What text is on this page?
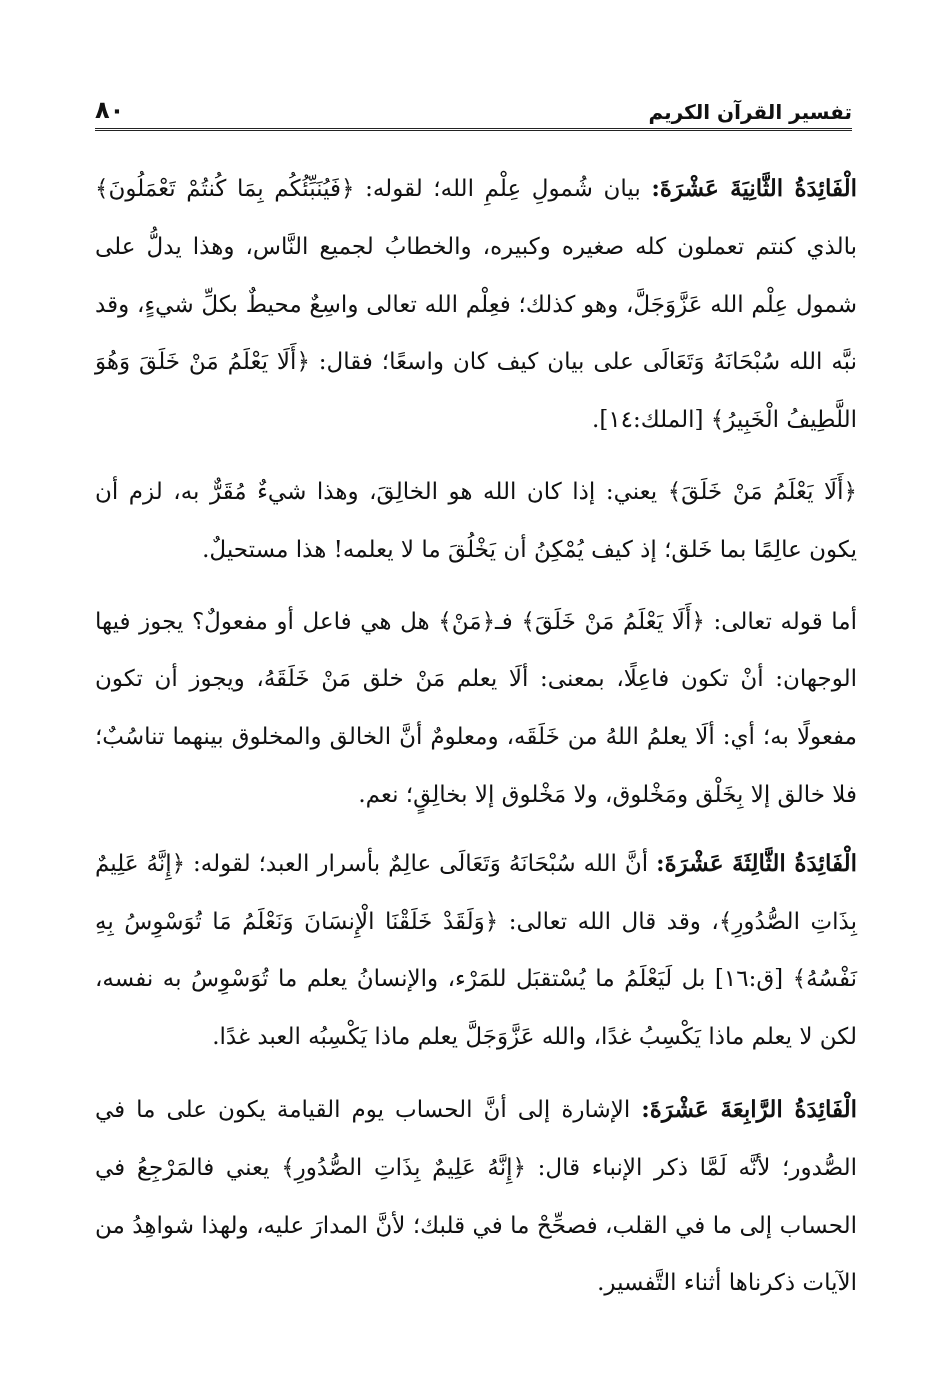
تفسير القرآن الكريم
٨٠

الْفَائِدَةُ الثَّانِيَةَ عَشْرَةَ: بيان شُمولِ عِلْمِ الله؛ لقوله: ﴿فَيُنَبِّئُكُم بِمَا كُنتُمْ تَعْمَلُونَ﴾ بالذي كنتم تعملون كله صغيره وكبيره، والخطابُ لجميع النَّاس، وهذا يدلُّ على شمول عِلْم الله عَزَّوَجَلَّ، وهو كذلك؛ فعِلْم الله تعالى واسِعٌ محيطٌ بكلِّ شيءٍ، وقد نبَّه الله سُبْحَانَهُ وَتَعَالَى على بيان كيف كان واسعًا؛ فقال: ﴿أَلَا يَعْلَمُ مَنْ خَلَقَ وَهُوَ اللَّطِيفُ الْخَبِيرُ﴾ [الملك:١٤].

﴿أَلَا يَعْلَمُ مَنْ خَلَقَ﴾ يعني: إذا كان الله هو الخالِقَ، وهذا شيءٌ مُقَرٌّ به، لزم أن يكون عالِمًا بما خَلق؛ إذ كيف يُمْكِنُ أن يَخْلُقَ ما لا يعلمه! هذا مستحيلٌ.

أما قوله تعالى: ﴿أَلَا يَعْلَمُ مَنْ خَلَقَ﴾ فـ﴿مَنْ﴾ هل هي فاعل أو مفعولٌ؟ يجوز فيها الوجهان: أنْ تكون فاعِلًا، بمعنى: ألَا يعلم مَنْ خلق مَنْ خَلَقَهُ، ويجوز أن تكون مفعولًا به؛ أي: ألَا يعلمُ اللهُ من خَلَقَه، ومعلومٌ أنَّ الخالق والمخلوق بينهما تناسُبٌ؛ فلا خالق إلا بِخَلْق ومَخْلوق، ولا مَخْلوق إلا بخالِقٍ؛ نعم.

الْفَائِدَةُ الثَّالِثَةَ عَشْرَةَ: أنَّ الله سُبْحَانَهُ وَتَعَالَى عالِمٌ بأسرار العبد؛ لقوله: ﴿إِنَّهُ عَلِيمٌ بِذَاتِ الصُّدُورِ﴾، وقد قال الله تعالى: ﴿وَلَقَدْ خَلَقْنَا الْإِنسَانَ وَنَعْلَمُ مَا تُوَسْوِسُ بِهِ نَفْسُهُ﴾ [ق:١٦] بل لَيَعْلَمُ ما يُسْتقبَل للمَرْء، والإنسانُ يعلم ما تُوَسْوِسُ به نفسه، لكن لا يعلم ماذا يَكْسِبُ غدًا، والله عَزَّوَجَلَّ يعلم ماذا يَكْسِبُه العبد غدًا.

الْفَائِدَةُ الرَّابِعَةَ عَشْرَةَ: الإشارة إلى أنَّ الحساب يوم القيامة يكون على ما في الصُّدور؛ لأنَّه لَمَّا ذكر الإنباء قال: ﴿إِنَّهُ عَلِيمٌ بِذَاتِ الصُّدُورِ﴾ يعني فالمَرْجِعُ في الحساب إلى ما في القلب، فصحِّحْ ما في قلبك؛ لأنَّ المدارَ عليه، ولهذا شواهِدُ من الآيات ذكرناها أثناء التَّفسير.
